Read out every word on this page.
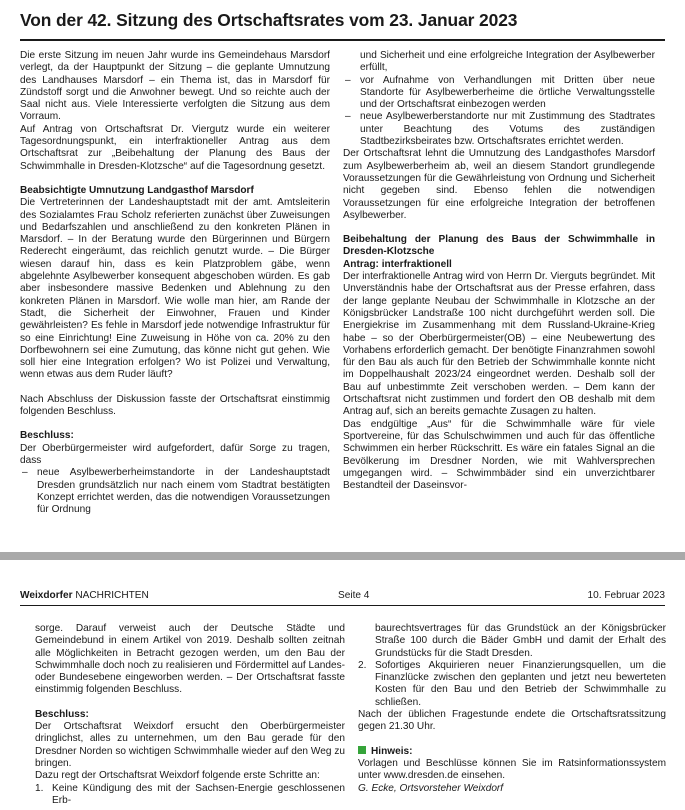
Von der 42. Sitzung des Ortschaftsrates vom 23. Januar 2023

Die erste Sitzung im neuen Jahr wurde ins Gemeindehaus Marsdorf verlegt, da der Hauptpunkt der Sitzung – die geplante Umnutzung des Landhauses Marsdorf – ein Thema ist, das in Marsdorf für Zündstoff sorgt und die Anwohner bewegt. Und so reichte auch der Saal nicht aus. Viele Interessierte verfolgten die Sitzung aus dem Vorraum.

Auf Antrag von Ortschaftsrat Dr. Viergutz wurde ein weiterer Tagesordnungspunkt, ein interfraktioneller Antrag aus dem Ortschaftsrat zur „Beibehaltung der Planung des Baus der Schwimmhalle in Dresden-Klotzsche“ auf die Tagesordnung gesetzt.

Beabsichtigte Umnutzung Landgasthof Marsdorf

Die Vertreterinnen der Landeshauptstadt mit der amt. Amtsleiterin des Sozialamtes Frau Scholz referierten zunächst über Zuweisungen und Bedarfszahlen und anschließend zu den konkreten Plänen in Marsdorf. – In der Beratung wurde den Bürgerinnen und Bürgern Rederecht eingeräumt, das reichlich genutzt wurde. – Die Bürger wiesen darauf hin, dass es kein Platzproblem gäbe, wenn abgelehnte Asylbewerber konsequent abgeschoben würden. Es gab aber insbesondere massive Bedenken und Ablehnung zu den konkreten Plänen in Marsdorf. Wie wolle man hier, am Rande der Stadt, die Sicherheit der Einwohner, Frauen und Kinder gewährleisten? Es fehle in Marsdorf jede notwendige Infrastruktur für so eine Einrichtung! Eine Zuweisung in Höhe von ca. 20% zu den Dorfbewohnern sei eine Zumutung, das könne nicht gut gehen. Wie soll hier eine Integration erfolgen? Wo ist Polizei und Verwaltung, wenn etwas aus dem Ruder läuft?

Nach Abschluss der Diskussion fasste der Ortschaftsrat einstimmig folgenden Beschluss.

Beschluss:

Der Oberbürgermeister wird aufgefordert, dafür Sorge zu tragen, dass

– neue Asylbewerberheimstandorte in der Landeshauptstadt Dresden grundsätzlich nur nach einem vom Stadtrat bestätigten Konzept errichtet werden, das die notwendigen Voraussetzungen für Ordnung
und Sicherheit und eine erfolgreiche Integration der Asylbewerber erfüllt,
– vor Aufnahme von Verhandlungen mit Dritten über neue Standorte für Asylbewerberheime die örtliche Verwaltungsstelle und der Ortschaftsrat einbezogen werden
– neue Asylbewerberstandorte nur mit Zustimmung des Stadtrates unter Beachtung des Votums des zuständigen Stadtbezirksbeirates bzw. Ortschaftsrates errichtet werden.

Der Ortschaftsrat lehnt die Umnutzung des Landgasthofes Marsdorf zum Asylbewerberheim ab, weil an diesem Standort grundlegende Voraussetzungen für die Gewährleistung von Ordnung und Sicherheit nicht gegeben sind. Ebenso fehlen die notwendigen Voraussetzungen für eine erfolgreiche Integration der betroffenen Asylbewerber.

Beibehaltung der Planung des Baus der Schwimmhalle in Dresden-Klotzsche
Antrag: interfraktionell

Der interfraktionelle Antrag wird von Herrn Dr. Vierguts begründet. Mit Unverständnis habe der Ortschaftsrat aus der Presse erfahren, dass der lange geplante Neubau der Schwimmhalle in Klotzsche an der Königsbrücker Landstraße 100 nicht durchgeführt werden soll. Die Energiekrise im Zusammenhang mit dem Russland-Ukraine-Krieg habe – so der Oberbürgermeister(OB) – eine Neubewertung des Vorhabens erforderlich gemacht. Der benötigte Finanzrahmen sowohl für den Bau als auch für den Betrieb der Schwimmhalle konnte nicht im Doppelhaushalt 2023/24 eingeordnet werden. Deshalb soll der Bau auf unbestimmte Zeit verschoben werden. – Dem kann der Ortschaftsrat nicht zustimmen und fordert den OB deshalb mit dem Antrag auf, sich an bereits gemachte Zusagen zu halten.

Das endgültige „Aus“ für die Schwimmhalle wäre für viele Sportvereine, für das Schulschwimmen und auch für das öffentliche Schwimmen ein herber Rückschritt. Es wäre ein fatales Signal an die Bevölkerung im Dresdner Norden, wie mit Wahlversprechen umgegangen wird. – Schwimmbäder sind ein unverzichtbarer Bestandteil der Daseinsvor-

Weixdorfer NACHRICHTEN	Seite 4	10. Februar 2023

sorge. Darauf verweist auch der Deutsche Städte und Gemeindebund in einem Artikel von 2019. Deshalb sollten zeitnah alle Möglichkeiten in Betracht gezogen werden, um den Bau der Schwimmhalle doch noch zu realisieren und Fördermittel auf Landes- oder Bundesebene eingeworben werden. – Der Ortschaftsrat fasste einstimmig folgenden Beschluss.

Beschluss:

Der Ortschaftsrat Weixdorf ersucht den Oberbürgermeister dringlichst, alles zu unternehmen, um den Bau gerade für den Dresdner Norden so wichtigen Schwimmhalle wieder auf den Weg zu bringen.

Dazu regt der Ortschaftsrat Weixdorf folgende erste Schritte an:

1. Keine Kündigung des mit der Sachsen-Energie geschlossenen Erb-
baurechtsvertrages für das Grundstück an der Königsbrücker Straße 100 durch die Bäder GmbH und damit der Erhalt des Grundstücks für die Stadt Dresden.
2. Sofortiges Akquirieren neuer Finanzierungsquellen, um die Finanzlücke zwischen den geplanten und jetzt neu bewerteten Kosten für den Bau und den Betrieb der Schwimmhalle zu schließen.

Nach der üblichen Fragestunde endete die Ortschaftsratssitzung gegen 21.30 Uhr.

Hinweis:

Vorlagen und Beschlüsse können Sie im Ratsinformationssystem unter www.dresden.de einsehen.

G. Ecke, Ortsvorsteher Weixdorf
